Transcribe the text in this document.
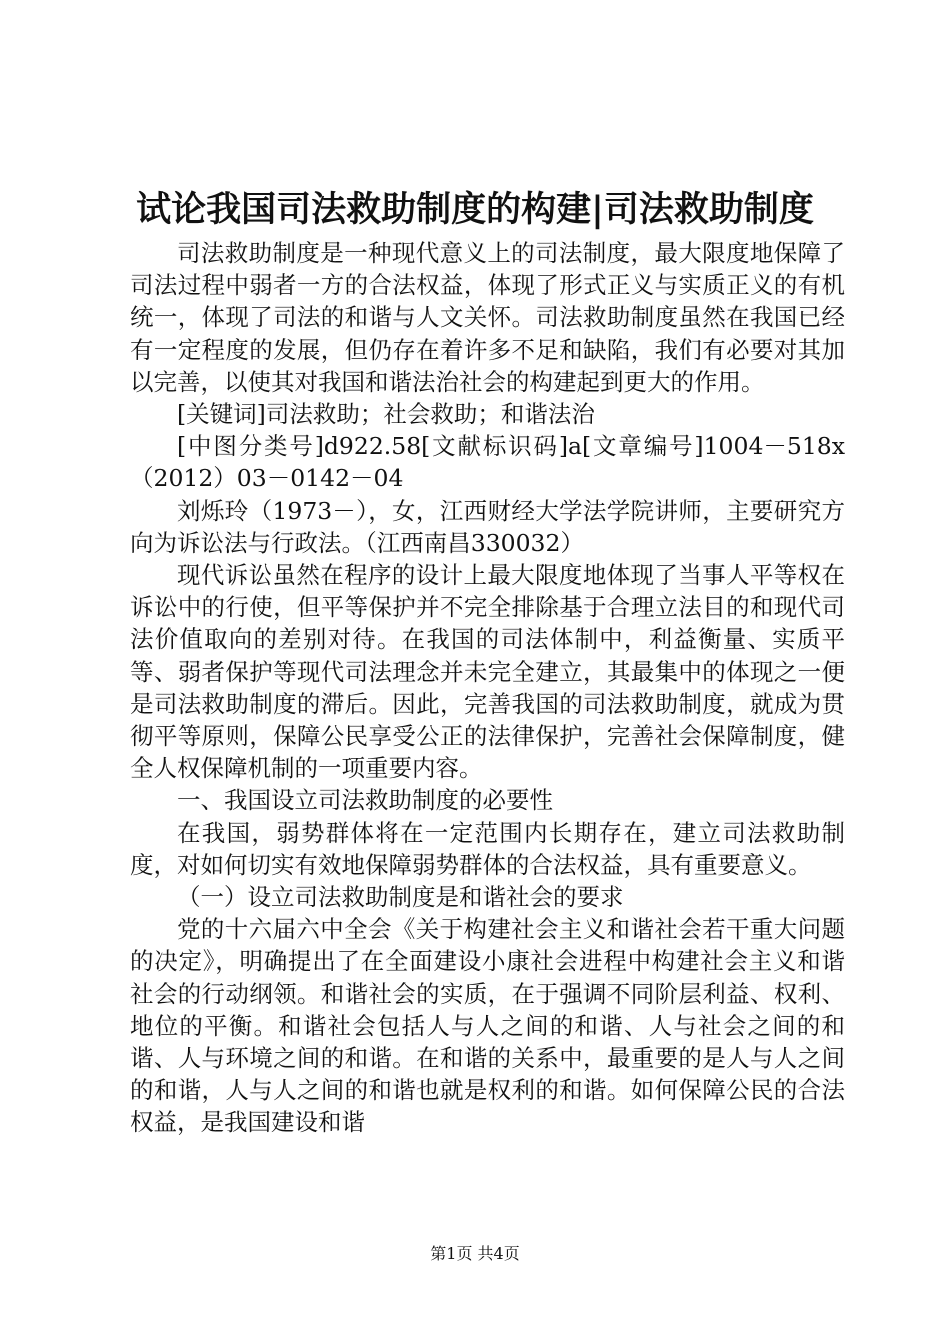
试论我国司法救助制度的构建|司法救助制度

司法救助制度是一种现代意义上的司法制度，最大限度地保障了司法过程中弱者一方的合法权益，体现了形式正义与实质正义的有机统一，体现了司法的和谐与人文关怀。司法救助制度虽然在我国已经有一定程度的发展，但仍存在着许多不足和缺陷，我们有必要对其加以完善，以使其对我国和谐法治社会的构建起到更大的作用。

[关键词]司法救助；社会救助；和谐法治

[中图分类号]d922.58[文献标识码]a[文章编号]1004－518x（2012）03－0142－04

刘烁玲（1973－），女，江西财经大学法学院讲师，主要研究方向为诉讼法与行政法。（江西南昌330032）

现代诉讼虽然在程序的设计上最大限度地体现了当事人平等权在诉讼中的行使，但平等保护并不完全排除基于合理立法目的和现代司法价值取向的差别对待。在我国的司法体制中，利益衡量、实质平等、弱者保护等现代司法理念并未完全建立，其最集中的体现之一便是司法救助制度的滞后。因此，完善我国的司法救助制度，就成为贯彻平等原则，保障公民享受公正的法律保护，完善社会保障制度，健全人权保障机制的一项重要内容。

一、我国设立司法救助制度的必要性

在我国，弱势群体将在一定范围内长期存在，建立司法救助制度，对如何切实有效地保障弱势群体的合法权益，具有重要意义。

（一）设立司法救助制度是和谐社会的要求

党的十六届六中全会《关于构建社会主义和谐社会若干重大问题的决定》，明确提出了在全面建设小康社会进程中构建社会主义和谐社会的行动纲领。和谐社会的实质，在于强调不同阶层利益、权利、地位的平衡。和谐社会包括人与人之间的和谐、人与社会之间的和谐、人与环境之间的和谐。在和谐的关系中，最重要的是人与人之间的和谐，人与人之间的和谐也就是权利的和谐。如何保障公民的合法权益，是我国建设和谐

第1页 共4页
